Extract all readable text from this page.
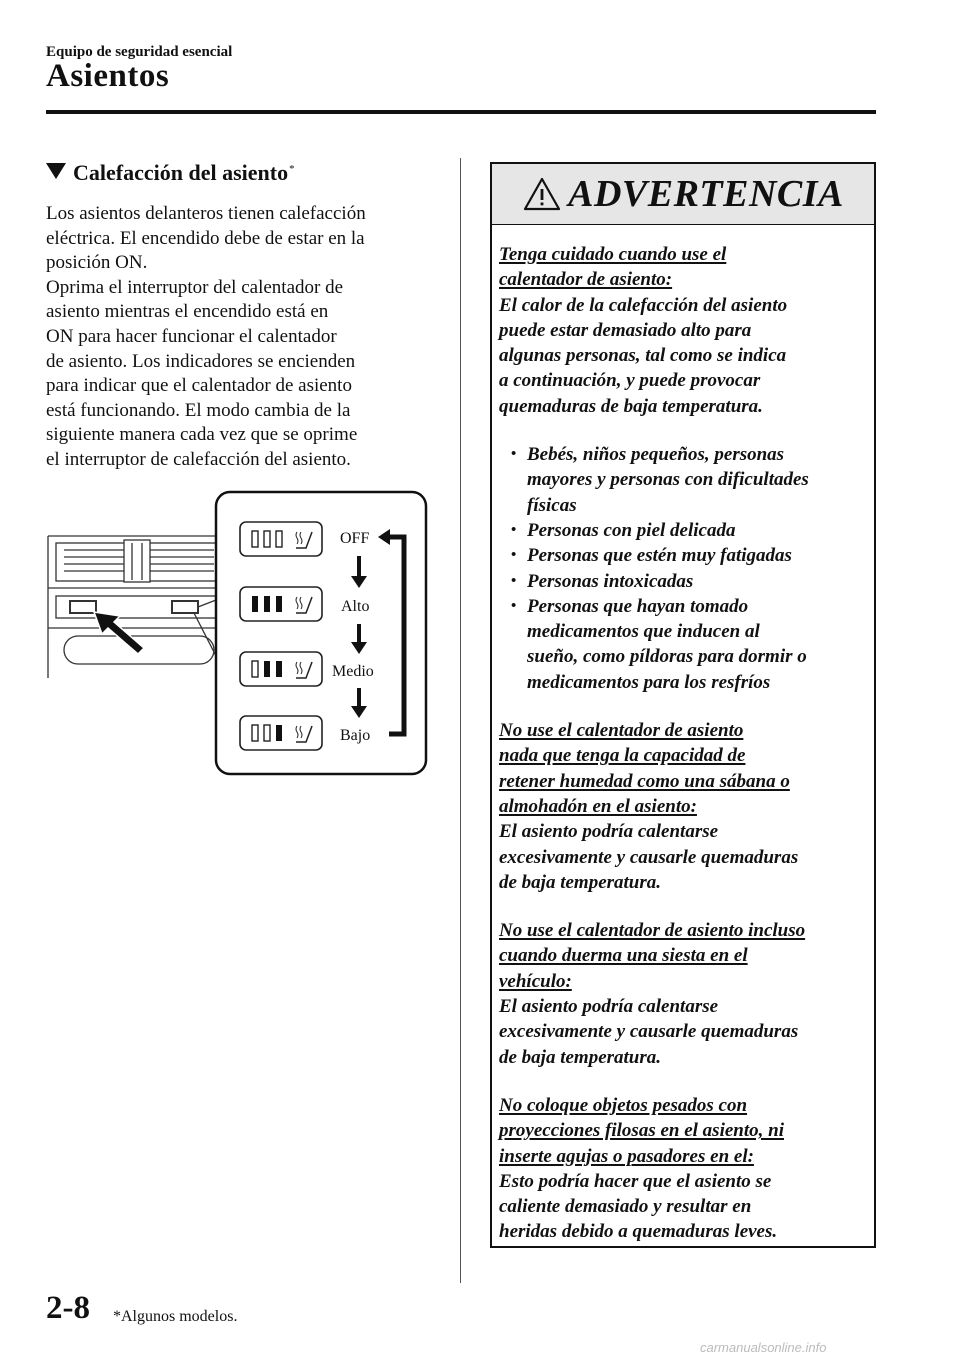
Equipo de seguridad esencial
Asientos
Calefacción del asiento*
Los asientos delanteros tienen calefacción
eléctrica. El encendido debe de estar en la
posición ON.
Oprima el interruptor del calentador de
asiento mientras el encendido está en
ON para hacer funcionar el calentador
de asiento. Los indicadores se encienden
para indicar que el calentador de asiento
está funcionando. El modo cambia de la
siguiente manera cada vez que se oprime
el interruptor de calefacción del asiento.
OFF
Alto
Medio
Bajo
ADVERTENCIA
Tenga cuidado cuando use el
calentador de asiento:
El calor de la calefacción del asiento
puede estar demasiado alto para
algunas personas, tal como se indica
a continuación, y puede provocar
quemaduras de baja temperatura.
• Bebés, niños pequeños, personas
mayores y personas con dificultades
físicas
• Personas con piel delicada
• Personas que estén muy fatigadas
• Personas intoxicadas
• Personas que hayan tomado
medicamentos que inducen al
sueño, como píldoras para dormir o
medicamentos para los resfríos
No use el calentador de asiento
nada que tenga la capacidad de
retener humedad como una sábana o
almohadón en el asiento:
El asiento podría calentarse
excesivamente y causarle quemaduras
de baja temperatura.
No use el calentador de asiento incluso
cuando duerma una siesta en el
vehículo:
El asiento podría calentarse
excesivamente y causarle quemaduras
de baja temperatura.
No coloque objetos pesados con
proyecciones filosas en el asiento, ni
inserte agujas o pasadores en el:
Esto podría hacer que el asiento se
caliente demasiado y resultar en
heridas debido a quemaduras leves.
2-8 *Algunos modelos.
carmanualsonline.info
